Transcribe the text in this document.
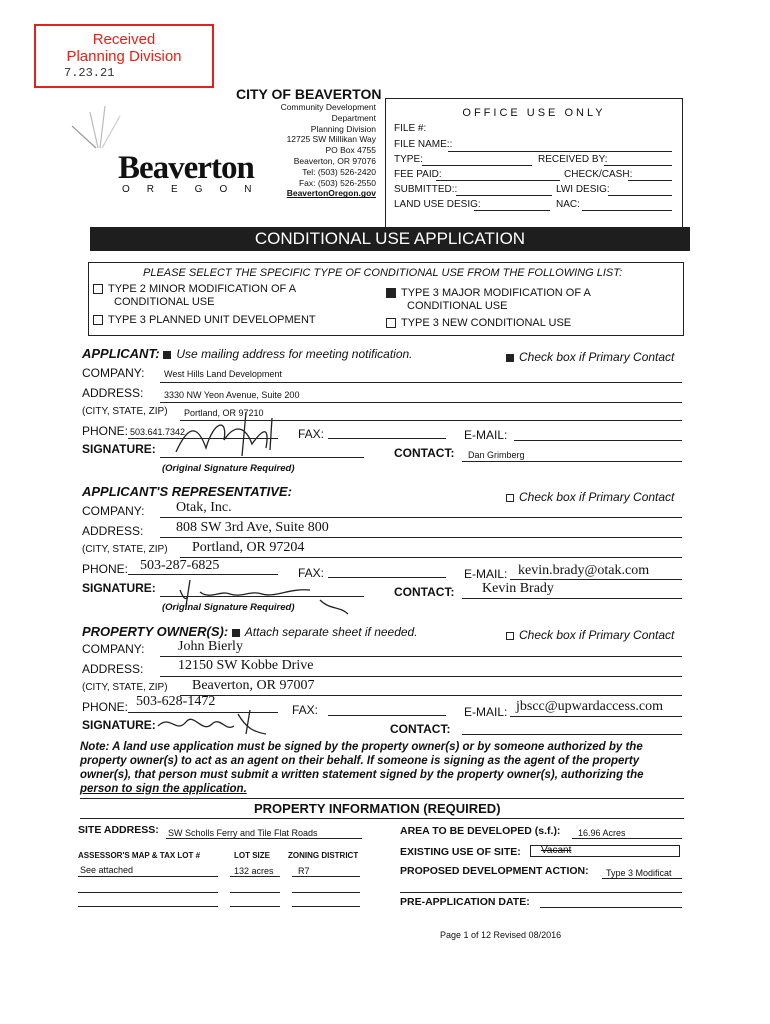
Received
Planning Division
7.23.21
CITY OF BEAVERTON
Community Development
Department
Planning Division
12725 SW Millikan Way
PO Box 4755
Beaverton, OR 97076
Tel: (503) 526-2420
Fax: (503) 526-2550
BeavertonOregon.gov
Beaverton
OREGON
OFFICE USE ONLY
FILE #:
FILE NAME::
TYPE:	RECEIVED BY:
FEE PAID:	CHECK/CASH:
SUBMITTED::	LWI DESIG:
LAND USE DESIG:	NAC:
CONDITIONAL USE APPLICATION
PLEASE SELECT THE SPECIFIC TYPE OF CONDITIONAL USE FROM THE FOLLOWING LIST:
TYPE 2 MINOR MODIFICATION OF A
CONDITIONAL USE
TYPE 3 MAJOR MODIFICATION OF A
CONDITIONAL USE
TYPE 3 PLANNED UNIT DEVELOPMENT	TYPE 3 NEW CONDITIONAL USE
APPLICANT: Use mailing address for meeting notification.	Check box if Primary Contact
COMPANY: West Hills Land Development
ADDRESS: 3330 NW Yeon Avenue, Suite 200
(CITY, STATE, ZIP) Portland, OR 97210
PHONE: 503.641.7342	FAX:	E-MAIL:
SIGNATURE:	CONTACT: Dan Grimberg
(Original Signature Required)
APPLICANT'S REPRESENTATIVE:	Check box if Primary Contact
COMPANY: Otak, Inc.
ADDRESS: 808 SW 3rd Ave, Suite 800
(CITY, STATE, ZIP) Portland, OR 97204
PHONE: 503-287-6825	FAX:	E-MAIL: kevin.brady@otak.com
SIGNATURE:	CONTACT: Kevin Brady
(Original Signature Required)
PROPERTY OWNER(S): Attach separate sheet if needed.	Check box if Primary Contact
COMPANY: John Bierly
ADDRESS: 12150 SW Kobbe Drive
(CITY, STATE, ZIP) Beaverton, OR 97007
PHONE: 503-628-1472
FAX:	E-MAIL: jbscc@upwardaccess.com
SIGNATURE:	CONTACT:
Note: A land use application must be signed by the property owner(s) or by someone authorized by the
property owner(s) to act as an agent on their behalf. If someone is signing as the agent of the property
owner(s), that person must submit a written statement signed by the property owner(s), authorizing the
person to sign the application.
PROPERTY INFORMATION (REQUIRED)
SITE ADDRESS: SW Scholls Ferry and Tile Flat Roads	AREA TO BE DEVELOPED (s.f.): 16.96 Acres
ASSESSOR'S MAP & TAX LOT #	LOT SIZE ZONING DISTRICT
See attached	132 acres	R7
EXISTING USE OF SITE:	Vacant
PROPOSED DEVELOPMENT ACTION: Type 3 Modificat
PRE-APPLICATION DATE:
Page 1 of 12 Revised 08/2016
